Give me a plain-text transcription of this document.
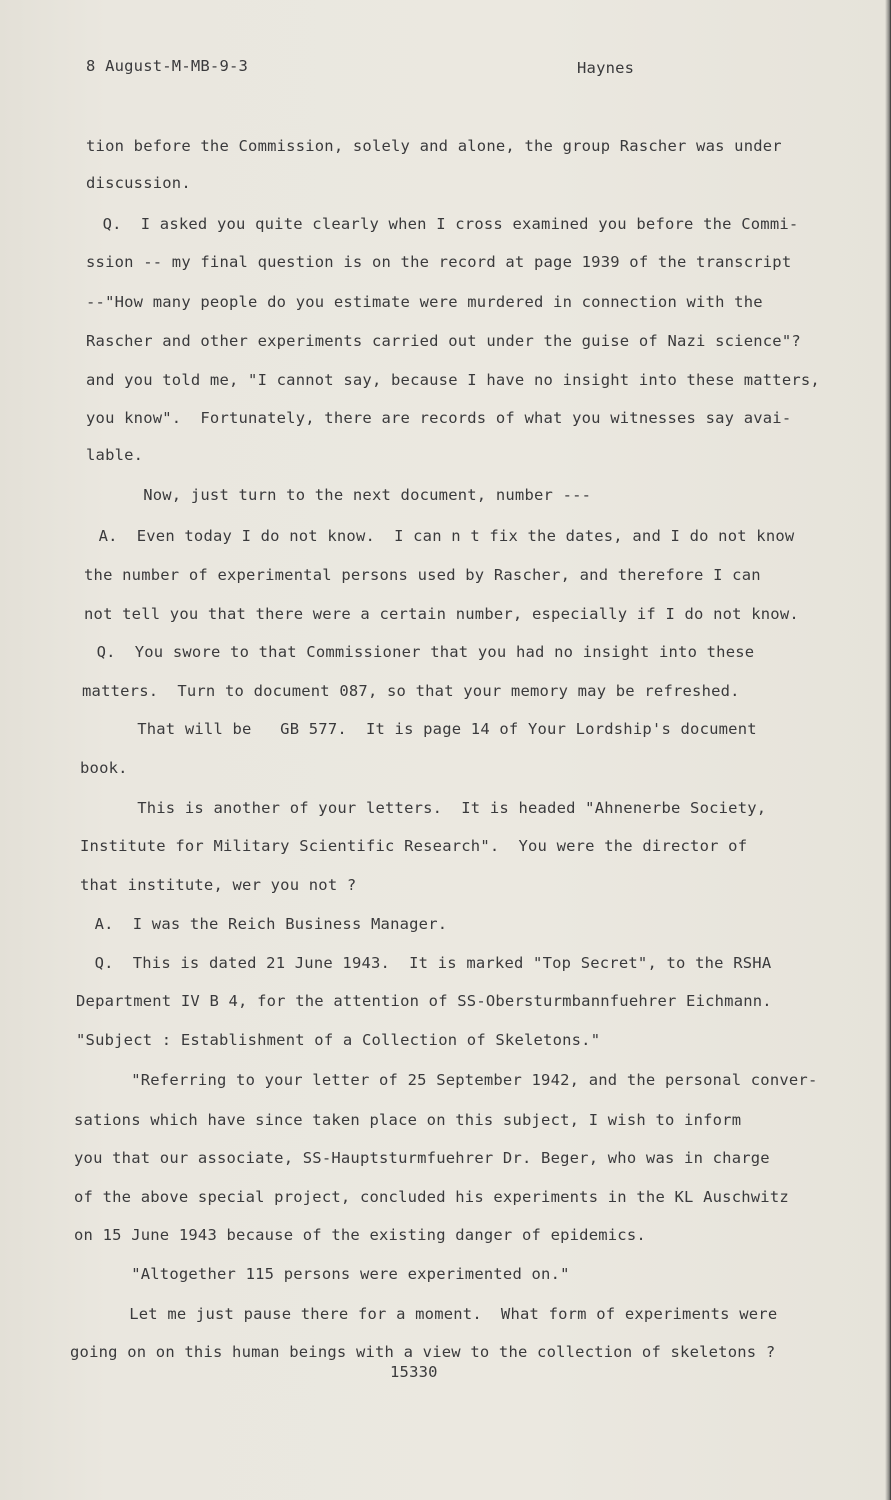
8 August-M-MB-9-3	Haynes
tion before the Commission, solely and alone, the group Rascher was under
discussion.
Q.  I asked you quite clearly when I cross examined you before the Commi-
ssion -- my final question is on the record at page 1939 of the transcript
--"How many people do you estimate were murdered in connection with the
Rascher and other experiments carried out under the guise of Nazi science"?
and you told me, "I cannot say, because I have no insight into these matters,
you know".  Fortunately, there are records of what you witnesses say avai-
lable.
Now, just turn to the next document, number ---
A.  Even today I do not know.  I can n t fix the dates, and I do not know
the number of experimental persons used by Rascher, and therefore I can
not tell you that there were a certain number, especially if I do not know.
Q.  You swore to that Commissioner that you had no insight into these
matters.  Turn to document 087, so that your memory may be refreshed.
That will be   GB 577.  It is page 14 of Your Lordship's document
book.
This is another of your letters.  It is headed "Ahnenerbe Society,
Institute for Military Scientific Research".  You were the director of
that institute, wer you not ?
A.  I was the Reich Business Manager.
Q.  This is dated 21 June 1943.  It is marked "Top Secret", to the RSHA
Department IV B 4, for the attention of SS-Obersturmbannfuehrer Eichmann.
"Subject : Establishment of a Collection of Skeletons."
"Referring to your letter of 25 September 1942, and the personal conver-
sations which have since taken place on this subject, I wish to inform
you that our associate, SS-Hauptsturmfuehrer Dr. Beger, who was in charge
of the above special project, concluded his experiments in the KL Auschwitz
on 15 June 1943 because of the existing danger of epidemics.
"Altogether 115 persons were experimented on."
Let me just pause there for a moment.  What form of experiments were
going on on this human beings with a view to the collection of skeletons ?
15330
